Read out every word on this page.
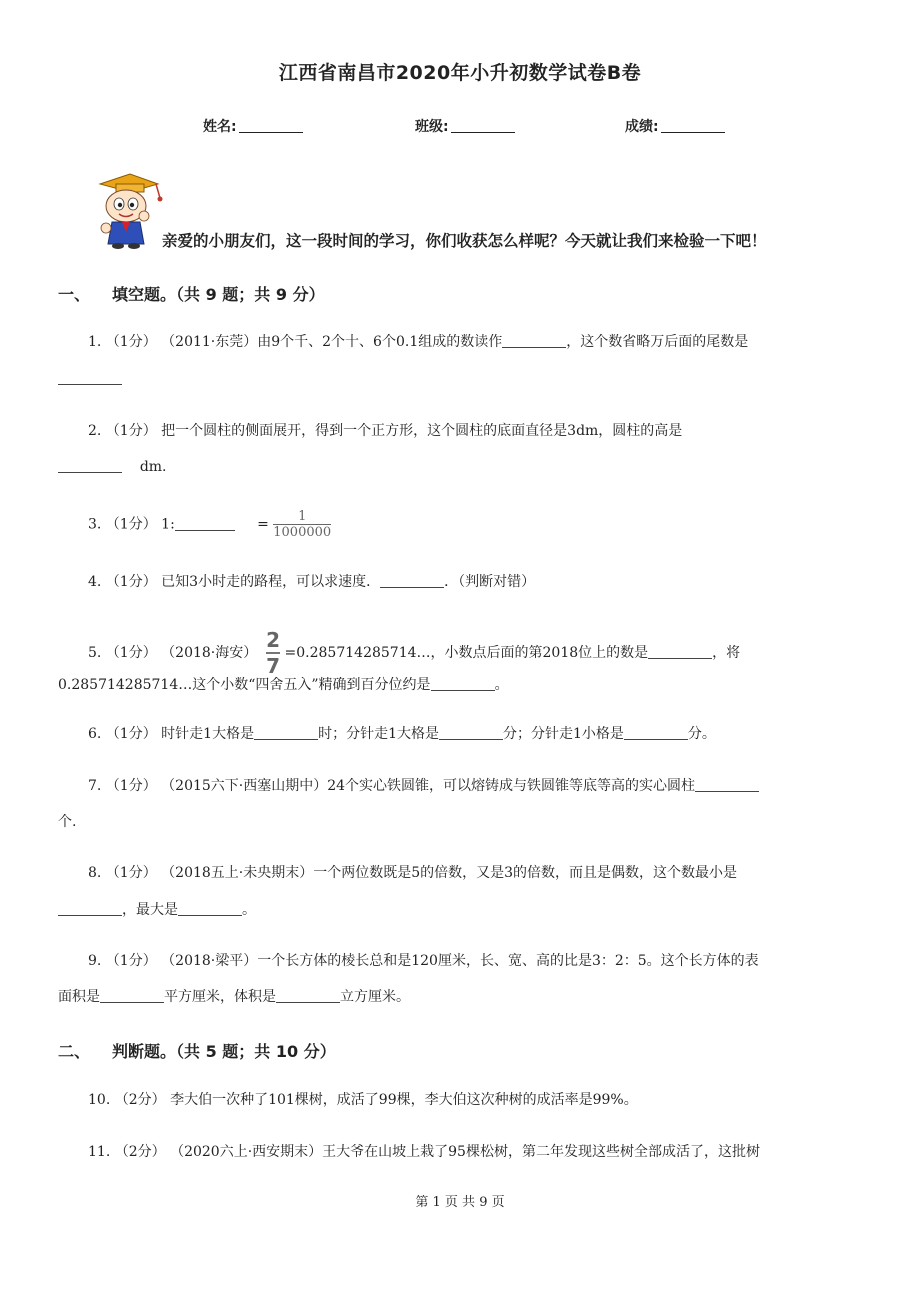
江西省南昌市2020年小升初数学试卷B卷
姓名:	班级:	成绩:
亲爱的小朋友们，这一段时间的学习，你们收获怎么样呢？今天就让我们来检验一下吧！
一、 填空题。（共 9 题；共 9 分）
1. （1分） （2011·东莞）由9个千、2个十、6个0.1组成的数读作	，这个数省略万后面的尾数是
2. （1分） 把一个圆柱的侧面展开，得到一个正方形，这个圆柱的底面直径是3dm，圆柱的高是
dm.
3. （1分） 1:	= $\frac{1}{1000000}$
4. （1分） 已知3小时走的路程，可以求速度．	．（判断对错）
5. （1分） （2018·海安） $\frac{2}{7}$ =0.285714285714…，小数点后面的第2018位上的数是	，将
0.285714285714…这个小数“四舍五入”精确到百分位约是	。
6. （1分） 时针走1大格是	时；分针走1大格是	分；分针走1小格是	分。
7. （1分） （2015六下·西塞山期中）24个实心铁圆锥，可以熔铸成与铁圆锥等底等高的实心圆柱
个.
8. （1分） （2018五上·未央期末）一个两位数既是5的倍数，又是3的倍数，而且是偶数，这个数最小是
，最大是	。
9. （1分） （2018·梁平）一个长方体的棱长总和是120厘米，长、宽、高的比是3：2：5。这个长方体的表
面积是	平方厘米，体积是	立方厘米。
二、 判断题。（共 5 题；共 10 分）
10. （2分） 李大伯一次种了101棵树，成活了99棵，李大伯这次种树的成活率是99%。
11. （2分） （2020六上·西安期末）王大爷在山坡上栽了95棵松树，第二年发现这些树全部成活了，这批树
第 1 页 共 9 页
